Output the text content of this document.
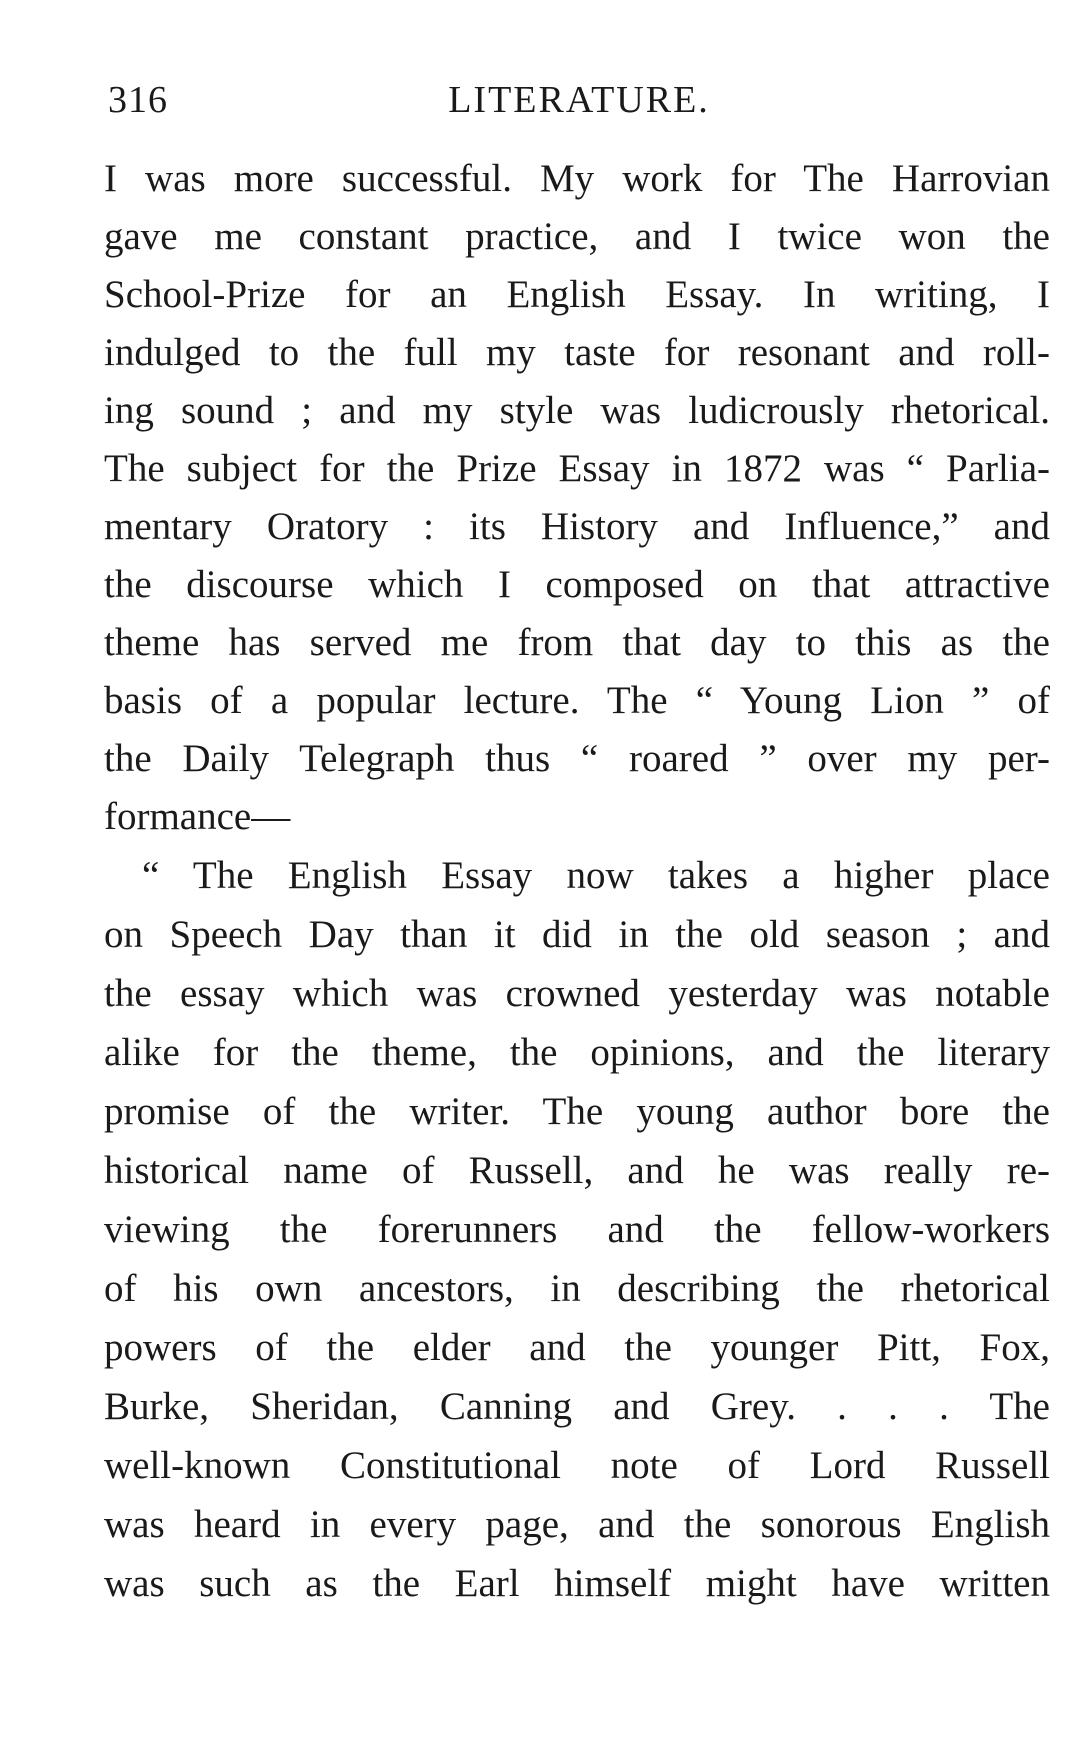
316	LITERATURE.
I was more successful. My work for The Harrovian
gave me constant practice, and I twice won the
School-Prize for an English Essay. In writing, I
indulged to the full my taste for resonant and roll-
ing sound ; and my style was ludicrously rhetorical.
The subject for the Prize Essay in 1872 was “ Parlia-
mentary Oratory : its History and Influence,” and
the discourse which I composed on that attractive
theme has served me from that day to this as the
basis of a popular lecture. The “ Young Lion ” of
the Daily Telegraph thus “ roared ” over my per-
formance—
“ The English Essay now takes a higher place
on Speech Day than it did in the old season ; and
the essay which was crowned yesterday was notable
alike for the theme, the opinions, and the literary
promise of the writer. The young author bore the
historical name of Russell, and he was really re-
viewing the forerunners and the fellow-workers
of his own ancestors, in describing the rhetorical
powers of the elder and the younger Pitt, Fox,
Burke, Sheridan, Canning and Grey. . . . The
well-known Constitutional note of Lord Russell
was heard in every page, and the sonorous English
was such as the Earl himself might have written
